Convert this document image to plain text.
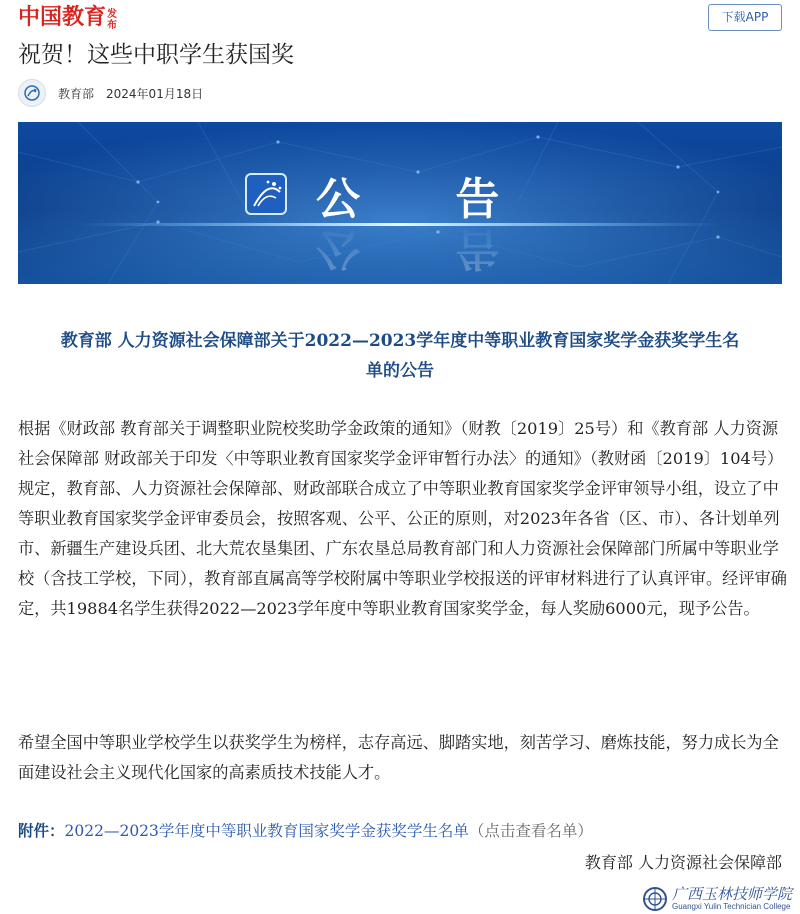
中国教育 发布
下载APP
祝贺！这些中职学生获国奖
教育部 2024年01月18日
公 告
公 告
教育部 人力资源社会保障部关于2022—2023学年度中等职业教育国家奖学金获奖学生名
单的公告

根据《财政部 教育部关于调整职业院校奖助学金政策的通知》（财教〔2019〕25号）和《教育部 人力资源社会保障部 财政部关于印发〈中等职业教育国家奖学金评审暂行办法〉的通知》（教财函〔2019〕104号）规定，教育部、人力资源社会保障部、财政部联合成立了中等职业教育国家奖学金评审领导小组，设立了中等职业教育国家奖学金评审委员会，按照客观、公平、公正的原则，对2023年各省（区、市）、各计划单列市、新疆生产建设兵团、北大荒农垦集团、广东农垦总局教育部门和人力资源社会保障部门所属中等职业学校（含技工学校，下同），教育部直属高等学校附属中等职业学校报送的评审材料进行了认真评审。经评审确定，共19884名学生获得2022—2023学年度中等职业教育国家奖学金，每人奖励6000元，现予公告。

希望全国中等职业学校学生以获奖学生为榜样，志存高远、脚踏实地，刻苦学习、磨炼技能，努力成长为全面建设社会主义现代化国家的高素质技术技能人才。

附件：2022—2023学年度中等职业教育国家奖学金获奖学生名单（点击查看名单）
教育部 人力资源社会保障部
广西玉林技师学院
Guangxi Yulin Technician College
